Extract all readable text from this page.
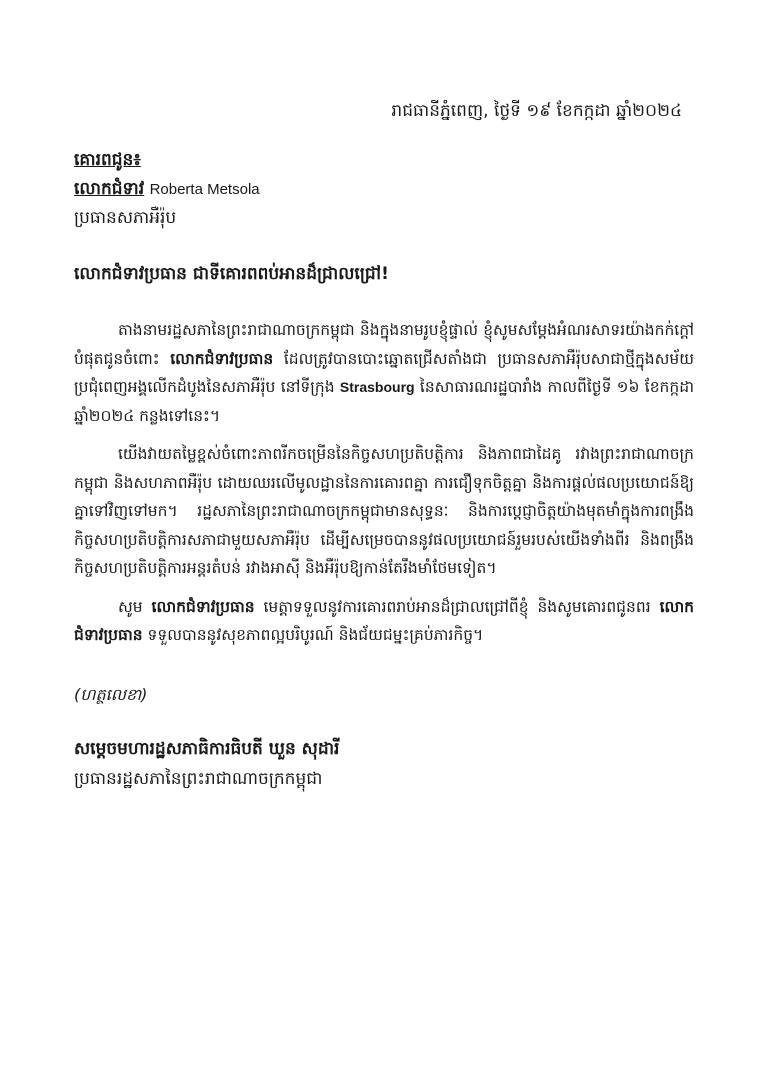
រាជធានីភ្នំពេញ, ថ្ងៃទី ១៩ ខែកក្កដា ឆ្នាំ២០២៤
គោរពជូន៖
លោកជំទាវ Roberta Metsola
ប្រធានសភាអឺរ៉ុប
លោកជំទាវប្រធាន ជាទីគោរពពប់អានដ៏ជ្រាលជ្រៅ!

តាងនាមរដ្ឋសភានៃព្រះរាជាណាចក្រកម្ពុជា និងក្នុងនាមរូបខ្ញុំផ្ទាល់ ខ្ញុំសូមសម្ដែងអំណរសាទរយ៉ាងកក់ក្ដៅបំផុតជូនចំពោះ លោកជំទាវប្រធាន ដែលត្រូវបានបោះឆ្នោតជ្រើសតាំងជា ប្រធានសភាអឺរ៉ុបសាជាថ្មីក្នុងសម័យប្រជុំពេញអង្គលើកដំបូងនៃសភាអឺរ៉ុប នៅទីក្រុង Strasbourg នៃសាធារណរដ្ឋបារាំង កាលពីថ្ងៃទី ១៦ ខែកក្កដា ឆ្នាំ២០២៤ កន្លងទៅនេះ។

យើងវាយតម្លៃខ្ពស់ចំពោះភាពរីកចម្រើននៃកិច្ចសហប្រតិបត្តិការ និងភាពជាដៃគូ រវាងព្រះរាជាណាចក្រកម្ពុជា និងសហភាពអឺរ៉ុប ដោយឈរលើមូលដ្ឋាននៃការគោរពគ្នា ការជឿទុកចិត្តគ្នា និងការផ្ដល់ផលប្រយោជន៍ឱ្យគ្នាទៅវិញទៅមក។ រដ្ឋសភានៃព្រះរាជាណាចក្រកម្ពុជាមានសុទ្ធនៈ និងការប្ដេជ្ញាចិត្តយ៉ាងមុតមាំក្នុងការពង្រឹងកិច្ចសហប្រតិបត្តិការសភាជាមួយសភាអឺរ៉ុប ដើម្បីសម្រេចបាននូវផលប្រយោជន៍រួមរបស់យើងទាំងពីរ និងពង្រឹងកិច្ចសហប្រតិបត្តិការអន្តរតំបន់ រវាងអាស៊ី និងអឺរ៉ុបឱ្យកាន់តែរឹងមាំថែមទៀត។

សូម លោកជំទាវប្រធាន មេត្តាទទួលនូវការគោរពរាប់អានដ៏ជ្រាលជ្រៅពីខ្ញុំ និងសូមគោរពជូនពរ លោកជំទាវប្រធាន ទទួលបាននូវសុខភាពល្អបរិបូរណ៍ និងជ័យជម្នះគ្រប់ភារកិច្ច។

(ហត្ថលេខា)
សម្ដេចមហារដ្ឋសភាធិការធិបតី ឃួន សុដារី
ប្រធានរដ្ឋសភានៃព្រះរាជាណាចក្រកម្ពុជា
